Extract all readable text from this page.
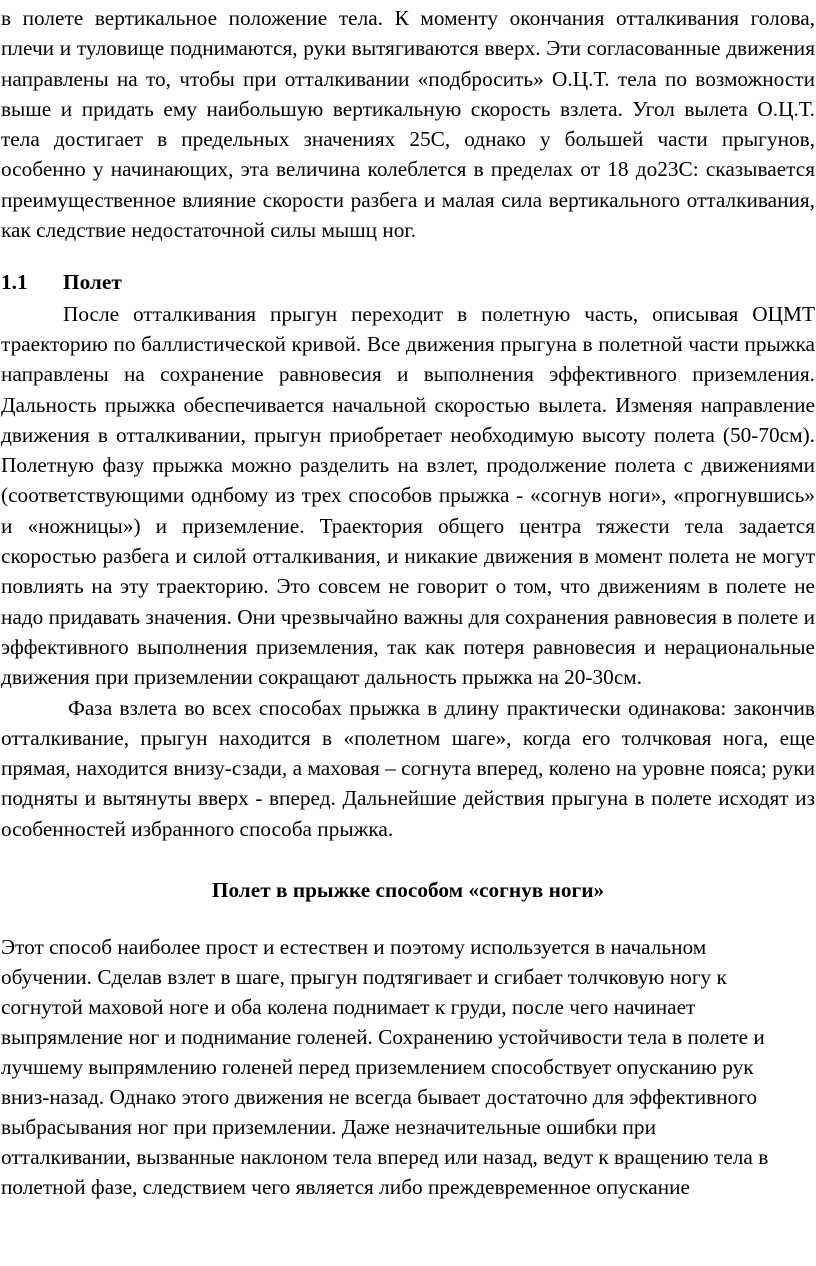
в полете вертикальное положение тела. К моменту окончания отталкивания голова, плечи и туловище поднимаются, руки вытягиваются вверх. Эти согласованные движения направлены на то, чтобы при отталкивании «подбросить» О.Ц.Т. тела по возможности выше и придать ему наибольшую вертикальную скорость взлета. Угол вылета О.Ц.Т. тела достигает в предельных значениях 25С, однако у большей части прыгунов, особенно у начинающих, эта величина колеблется в пределах от 18 до23С: сказывается преимущественное влияние скорости разбега и малая сила вертикального отталкивания, как следствие недостаточной силы мышц ног.

1.1	Полет

После отталкивания прыгун переходит в полетную часть, описывая ОЦМТ траекторию по баллистической кривой. Все движения прыгуна в полетной части прыжка направлены на сохранение равновесия и выполнения эффективного приземления. Дальность прыжка обеспечивается начальной скоростью вылета. Изменяя направление движения в отталкивании, прыгун приобретает необходимую высоту полета (50-70см). Полетную фазу прыжка можно разделить на взлет, продолжение полета с движениями (соответствующими однбому из трех способов прыжка - «согнув ноги», «прогнувшись» и «ножницы») и приземление. Траектория общего центра тяжести тела задается скоростью разбега и силой отталкивания, и никакие движения в момент полета не могут повлиять на эту траекторию. Это совсем не говорит о том, что движениям в полете не надо придавать значения. Они чрезвычайно важны для сохранения равновесия в полете и эффективного выполнения приземления, так как потеря равновесия и нерациональные движения при приземлении сокращают дальность прыжка на 20-30см.

Фаза взлета во всех способах прыжка в длину практически одинакова: закончив отталкивание, прыгун находится в «полетном шаге», когда его толчковая нога, еще прямая, находится внизу-сзади, а маховая – согнута вперед, колено на уровне пояса; руки подняты и вытянуты вверх - вперед. Дальнейшие действия прыгуна в полете исходят из особенностей избранного способа прыжка.

Полет в прыжке способом «согнув ноги»

Этот способ наиболее прост и естествен и поэтому используется в начальном обучении. Сделав взлет в шаге, прыгун подтягивает и сгибает толчковую ногу к согнутой маховой ноге и оба колена поднимает к груди, после чего начинает выпрямление ног и поднимание голеней. Сохранению устойчивости тела в полете и лучшему выпрямлению голеней перед приземлением способствует опусканию рук вниз-назад. Однако этого движения не всегда бывает достаточно для эффективного выбрасывания ног при приземлении. Даже незначительные ошибки при отталкивании, вызванные наклоном тела вперед или назад, ведут к вращению тела в полетной фазе, следствием чего является либо преждевременное опускание
